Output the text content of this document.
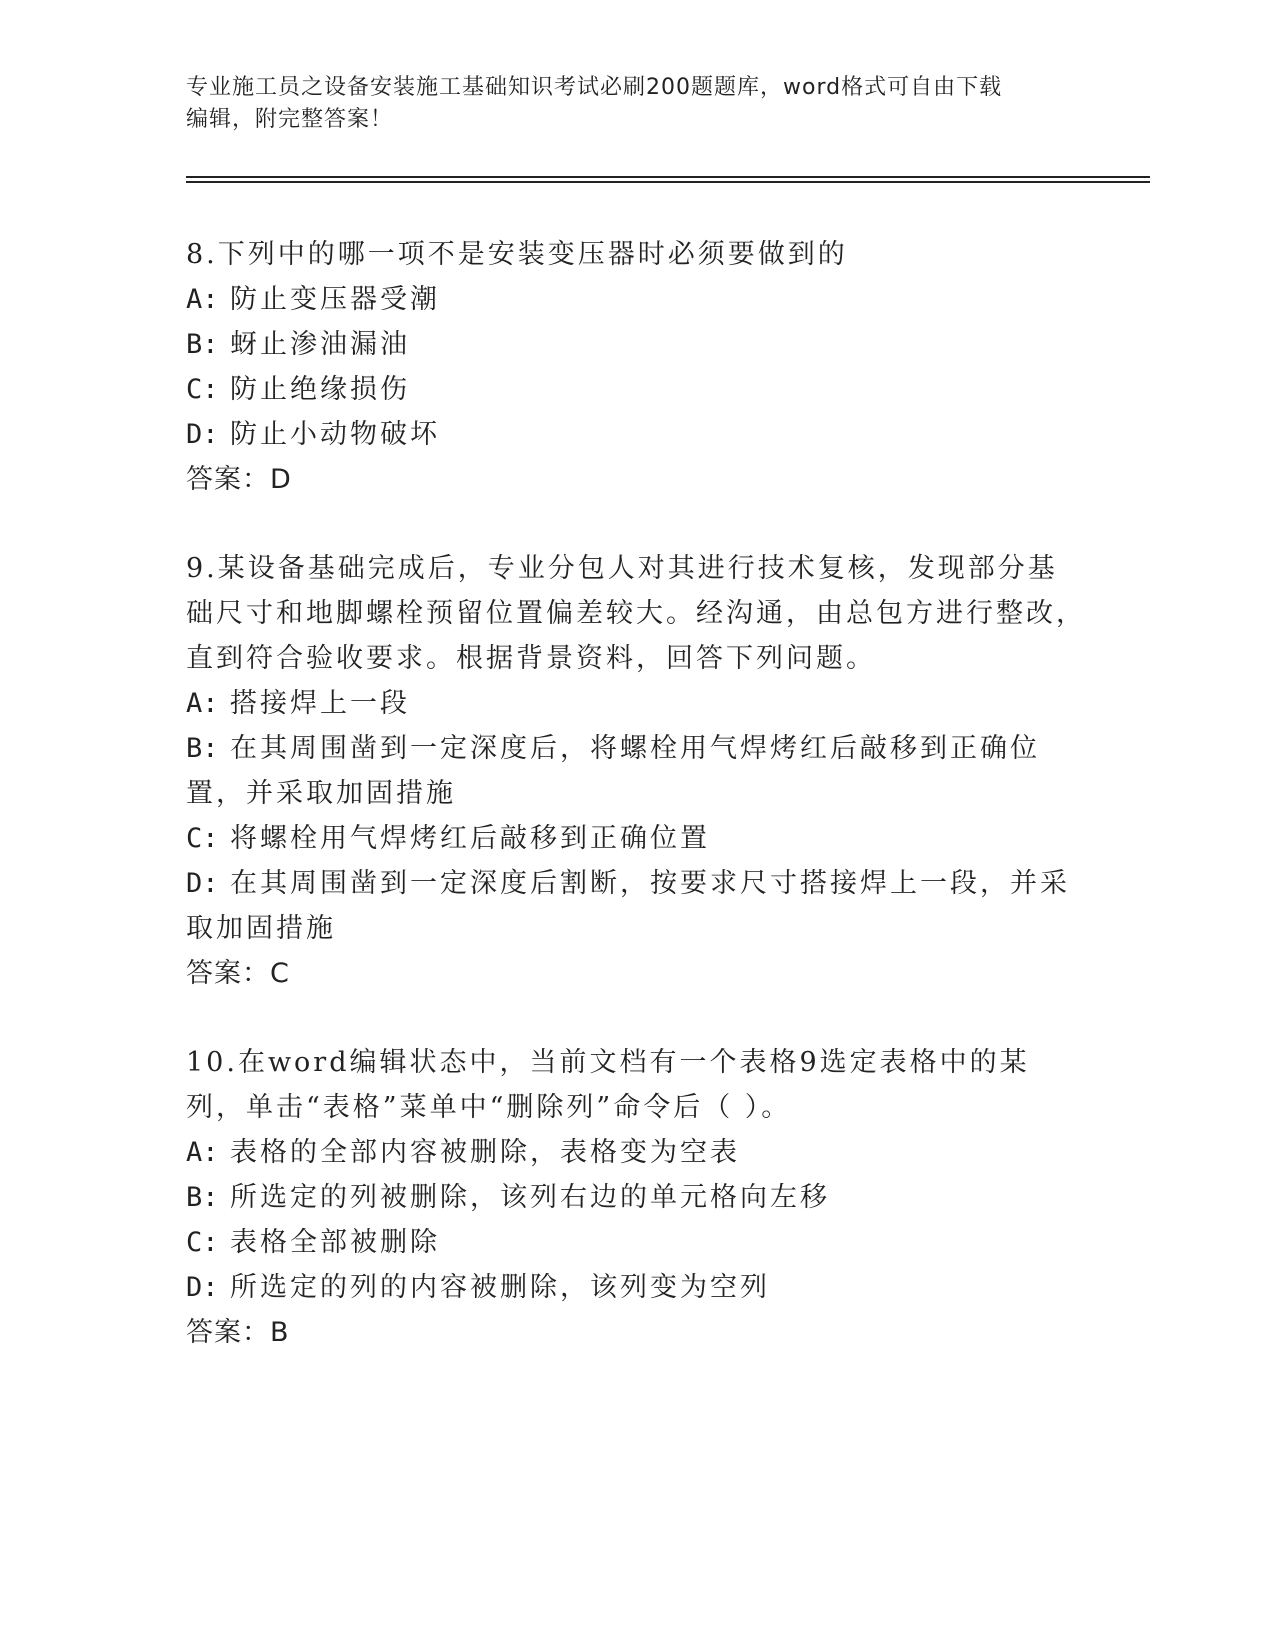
专业施工员之设备安装施工基础知识考试必刷200题题库，word格式可自由下载
编辑，附完整答案！
8.下列中的哪一项不是安装变压器时必须要做到的
A: 防止变压器受潮
B: 蚜止渗油漏油
C: 防止绝缘损伤
D: 防止小动物破坏
答案：D
9.某设备基础完成后，专业分包人对其进行技术复核，发现部分基础尺寸和地脚螺栓预留位置偏差较大。经沟通，由总包方进行整改，直到符合验收要求。根据背景资料，回答下列问题。
A: 搭接焊上一段
B: 在其周围凿到一定深度后，将螺栓用气焊烤红后敲移到正确位置，并采取加固措施
C: 将螺栓用气焊烤红后敲移到正确位置
D: 在其周围凿到一定深度后割断，按要求尺寸搭接焊上一段，并采取加固措施
答案：C
10.在word编辑状态中，当前文档有一个表格9选定表格中的某列，单击“表格”菜单中“删除列”命令后（ ）。
A: 表格的全部内容被删除，表格变为空表
B: 所选定的列被删除，该列右边的单元格向左移
C: 表格全部被删除
D: 所选定的列的内容被删除，该列变为空列
答案：B
